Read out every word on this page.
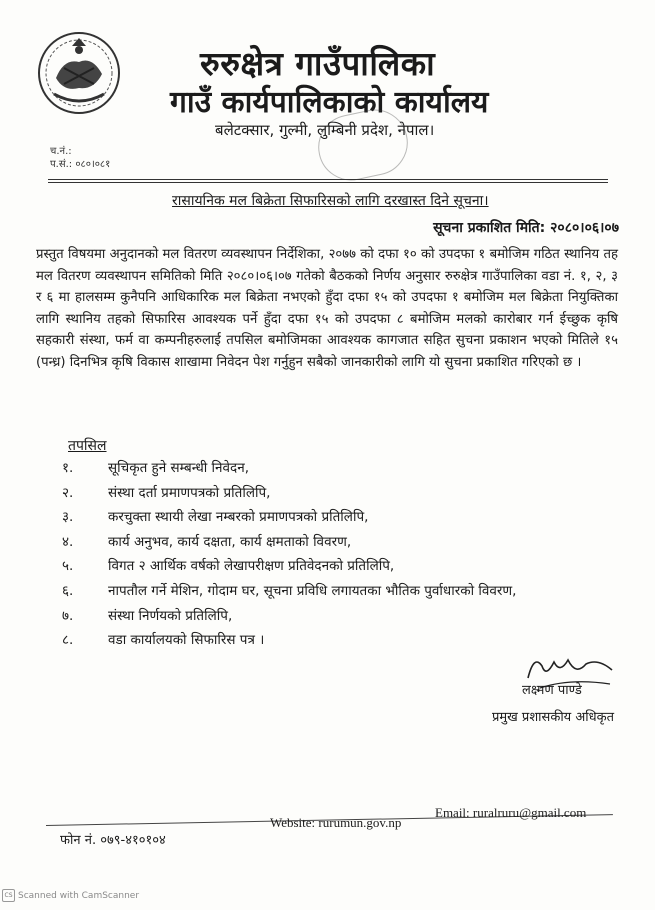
रुरुक्षेत्र गाउँपालिका
गाउँ कार्यपालिकाको कार्यालय
बलेटक्सार, गुल्मी, लुम्बिनी प्रदेश, नेपाल।
च.नं.:
प.सं.: ०८०।०८१
रासायनिक मल बिक्रेता सिफारिसको लागि दरखास्त दिने सूचना।
सूचना प्रकाशित मिति: २०८०।०६।०७

प्रस्तुत विषयमा अनुदानको मल वितरण व्यवस्थापन निर्देशिका, २०७७ को दफा १० को उपदफा १ बमोजिम गठित स्थानिय तह मल वितरण व्यवस्थापन समितिको मिति २०८०।०६।०७ गतेको बैठकको निर्णय अनुसार रुरुक्षेत्र गाउँपालिका वडा नं. १, २, ३ र ६ मा हालसम्म कुनैपनि आधिकारिक मल बिक्रेता नभएको हुँदा दफा १५ को उपदफा १ बमोजिम मल बिक्रेता नियुक्तिका लागि स्थानिय तहको सिफारिस आवश्यक पर्ने हुँदा दफा १५ को उपदफा ८ बमोजिम मलको कारोबार गर्न ईच्छुक कृषि सहकारी संस्था, फर्म वा कम्पनीहरुलाई तपसिल बमोजिमका आवश्यक कागजात सहित सुचना प्रकाशन भएको मितिले १५ (पन्ध्र) दिनभित्र कृषि विकास शाखामा निवेदन पेश गर्नुहुन सबैको जानकारीको लागि यो सुचना प्रकाशित गरिएको छ ।

तपसिल
१.	सूचिकृत हुने सम्बन्धी निवेदन,
२.	संस्था दर्ता प्रमाणपत्रको प्रतिलिपि,
३.	करचुक्ता स्थायी लेखा नम्बरको प्रमाणपत्रको प्रतिलिपि,
४.	कार्य अनुभव, कार्य दक्षता, कार्य क्षमताको विवरण,
५.	विगत २ आर्थिक वर्षको लेखापरीक्षण प्रतिवेदनको प्रतिलिपि,
६.	नापतौल गर्ने मेशिन, गोदाम घर, सूचना प्रविधि लगायतका भौतिक पुर्वाधारको विवरण,
७.	संस्था निर्णयको प्रतिलिपि,
८.	वडा कार्यालयको सिफारिस पत्र ।
लक्ष्मण पाण्डे
प्रमुख प्रशासकीय अधिकृत
फोन नं. ०७९-४१०१०४
Website: rurumun.gov.np
Email: ruralruru@gmail.com
CS Scanned with CamScanner
